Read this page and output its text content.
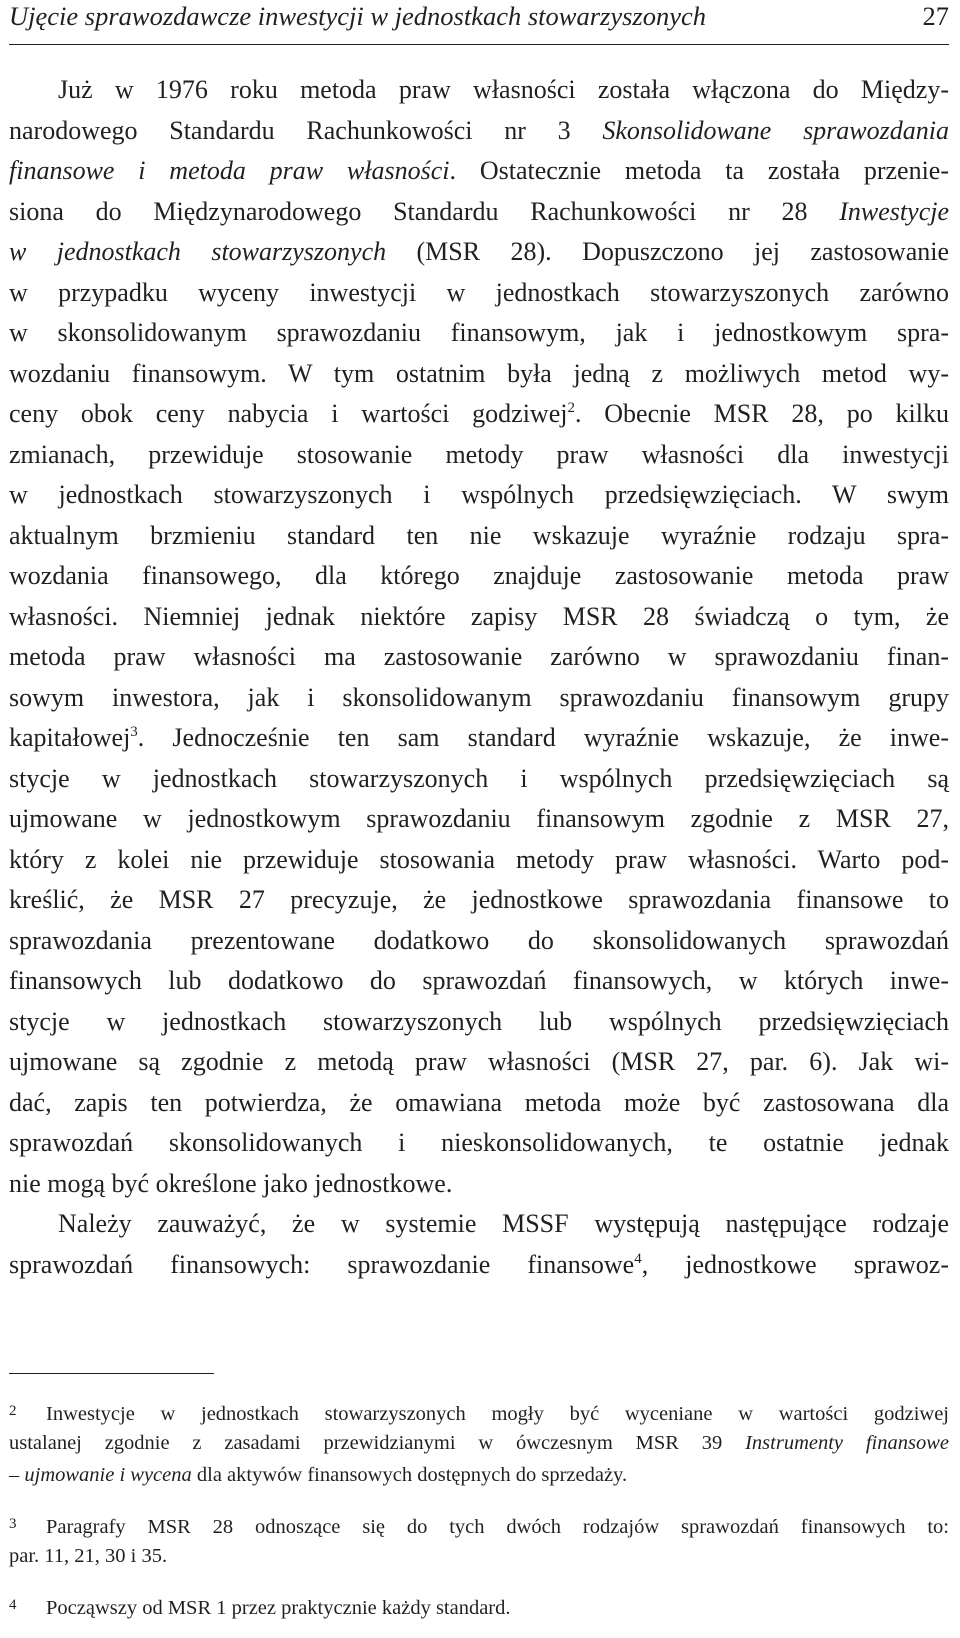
Ujęcie sprawozdawcze inwestycji w jednostkach stowarzyszonych	27
Już w 1976 roku metoda praw własności została włączona do Między-
narodowego Standardu Rachunkowości nr 3 Skonsolidowane sprawozdania
finansowe i metoda praw własności. Ostatecznie metoda ta została przenie-
siona do Międzynarodowego Standardu Rachunkowości nr 28 Inwestycje
w jednostkach stowarzyszonych (MSR 28). Dopuszczono jej zastosowanie
w przypadku wyceny inwestycji w jednostkach stowarzyszonych zarówno
w skonsolidowanym sprawozdaniu finansowym, jak i jednostkowym spra-
wozdaniu finansowym. W tym ostatnim była jedną z możliwych metod wy-
ceny obok ceny nabycia i wartości godziwej$^2$. Obecnie MSR 28, po kilku
zmianach, przewiduje stosowanie metody praw własności dla inwestycji
w jednostkach stowarzyszonych i wspólnych przedsięwzięciach. W swym
aktualnym brzmieniu standard ten nie wskazuje wyraźnie rodzaju spra-
wozdania finansowego, dla którego znajduje zastosowanie metoda praw
własności. Niemniej jednak niektóre zapisy MSR 28 świadczą o tym, że
metoda praw własności ma zastosowanie zarówno w sprawozdaniu finan-
sowym inwestora, jak i skonsolidowanym sprawozdaniu finansowym grupy
kapitałowej$^3$. Jednocześnie ten sam standard wyraźnie wskazuje, że inwe-
stycje w jednostkach stowarzyszonych i wspólnych przedsięwzięciach są
ujmowane w jednostkowym sprawozdaniu finansowym zgodnie z MSR 27,
który z kolei nie przewiduje stosowania metody praw własności. Warto pod-
kreślić, że MSR 27 precyzuje, że jednostkowe sprawozdania finansowe to
sprawozdania prezentowane dodatkowo do skonsolidowanych sprawozdań
finansowych lub dodatkowo do sprawozdań finansowych, w których inwe-
stycje w jednostkach stowarzyszonych lub wspólnych przedsięwzięciach
ujmowane są zgodnie z metodą praw własności (MSR 27, par. 6). Jak wi-
dać, zapis ten potwierdza, że omawiana metoda może być zastosowana dla
sprawozdań skonsolidowanych i nieskonsolidowanych, te ostatnie jednak
nie mogą być określone jako jednostkowe.
Należy zauważyć, że w systemie MSSF występują następujące rodzaje
sprawozdań finansowych: sprawozdanie finansowe$^4$, jednostkowe sprawoz-
2 Inwestycje w jednostkach stowarzyszonych mogły być wyceniane w wartości godziwej
ustalanej zgodnie z zasadami przewidzianymi w ówczesnym MSR 39 Instrumenty finansowe
– ujmowanie i wycena dla aktywów finansowych dostępnych do sprzedaży.
3 Paragrafy MSR 28 odnoszące się do tych dwóch rodzajów sprawozdań finansowych to:
par. 11, 21, 30 i 35.
4 Począwszy od MSR 1 przez praktycznie każdy standard.
